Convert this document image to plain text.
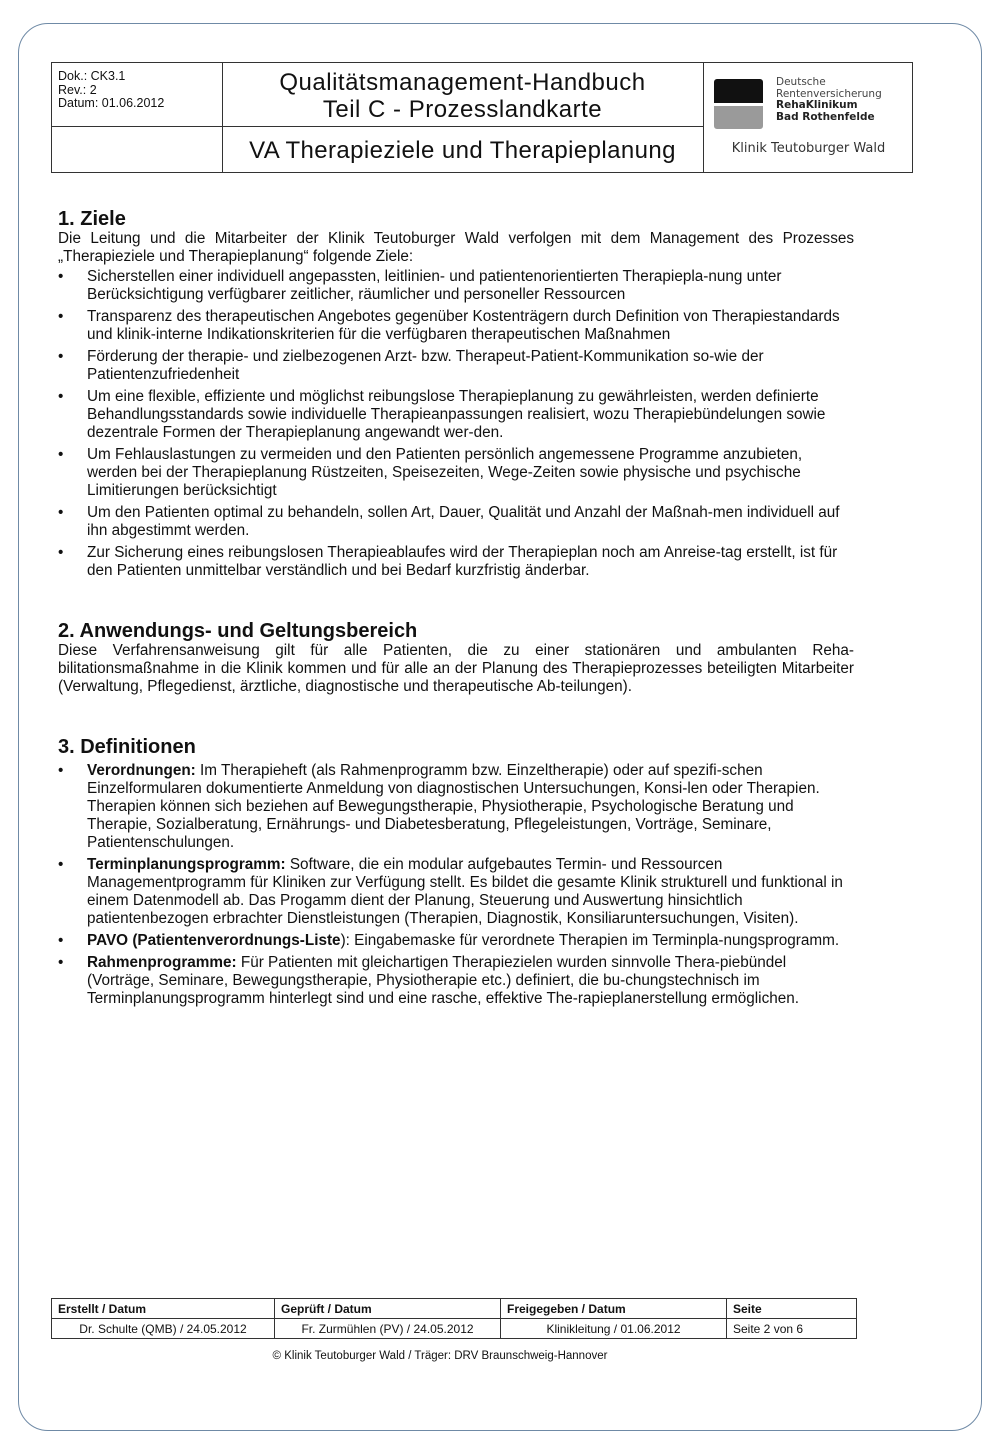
Dok.: CK3.1
Rev.: 2
Datum: 01.06.2012
Qualitätsmanagement-Handbuch
Teil C - Prozesslandkarte
VA Therapieziele und Therapieplanung
Deutsche
Rentenversicherung
RehaKlinikum
Bad Rothenfelde
Klinik Teutoburger Wald
1. Ziele

Die Leitung und die Mitarbeiter der Klinik Teutoburger Wald verfolgen mit dem Management des Prozesses „Therapieziele und Therapieplanung“ folgende Ziele:

• Sicherstellen einer individuell angepassten, leitlinien- und patientenorientierten Therapiepla-nung unter Berücksichtigung verfügbarer zeitlicher, räumlicher und personeller Ressourcen
• Transparenz des therapeutischen Angebotes gegenüber Kostenträgern durch Definition von Therapiestandards und klinik-interne Indikationskriterien für die verfügbaren therapeutischen Maßnahmen
• Förderung der therapie- und zielbezogenen Arzt- bzw. Therapeut-Patient-Kommunikation so-wie der Patientenzufriedenheit
• Um eine flexible, effiziente und möglichst reibungslose Therapieplanung zu gewährleisten, werden definierte Behandlungsstandards sowie individuelle Therapieanpassungen realisiert, wozu Therapiebündelungen sowie dezentrale Formen der Therapieplanung angewandt wer-den.
• Um Fehlauslastungen zu vermeiden und den Patienten persönlich angemessene Programme anzubieten, werden bei der Therapieplanung Rüstzeiten, Speisezeiten, Wege-Zeiten sowie physische und psychische Limitierungen berücksichtigt
• Um den Patienten optimal zu behandeln, sollen Art, Dauer, Qualität und Anzahl der Maßnah-men individuell auf ihn abgestimmt werden.
• Zur Sicherung eines reibungslosen Therapieablaufes wird der Therapieplan noch am Anreise-tag erstellt, ist für den Patienten unmittelbar verständlich und bei Bedarf kurzfristig änderbar.
2. Anwendungs- und Geltungsbereich

Diese Verfahrensanweisung gilt für alle Patienten, die zu einer stationären und ambulanten Reha-bilitationsmaßnahme in die Klinik kommen und für alle an der Planung des Therapieprozesses beteiligten Mitarbeiter (Verwaltung, Pflegedienst, ärztliche, diagnostische und therapeutische Ab-teilungen).

3. Definitionen
• Verordnungen: Im Therapieheft (als Rahmenprogramm bzw. Einzeltherapie) oder auf spezifi-schen Einzelformularen dokumentierte Anmeldung von diagnostischen Untersuchungen, Konsi-len oder Therapien. Therapien können sich beziehen auf Bewegungstherapie, Physiotherapie, Psychologische Beratung und Therapie, Sozialberatung, Ernährungs- und Diabetesberatung, Pflegeleistungen, Vorträge, Seminare, Patientenschulungen.
• Terminplanungsprogramm: Software, die ein modular aufgebautes Termin- und Ressourcen Managementprogramm für Kliniken zur Verfügung stellt. Es bildet die gesamte Klinik strukturell und funktional in einem Datenmodell ab. Das Progamm dient der Planung, Steuerung und Auswertung hinsichtlich patientenbezogen erbrachter Dienstleistungen (Therapien, Diagnostik, Konsiliaruntersuchungen, Visiten).
• PAVO (Patientenverordnungs-Liste): Eingabemaske für verordnete Therapien im Terminpla-nungsprogramm.
• Rahmenprogramme: Für Patienten mit gleichartigen Therapiezielen wurden sinnvolle Thera-piebündel (Vorträge, Seminare, Bewegungstherapie, Physiotherapie etc.) definiert, die bu-chungstechnisch im Terminplanungsprogramm hinterlegt sind und eine rasche, effektive The-rapieplanerstellung ermöglichen.
Erstellt / Datum	Geprüft / Datum	Freigegeben / Datum	Seite
Dr. Schulte (QMB) / 24.05.2012	Fr. Zurmühlen (PV) / 24.05.2012	Klinikleitung / 01.06.2012	Seite 2 von 6
© Klinik Teutoburger Wald / Träger: DRV Braunschweig-Hannover
